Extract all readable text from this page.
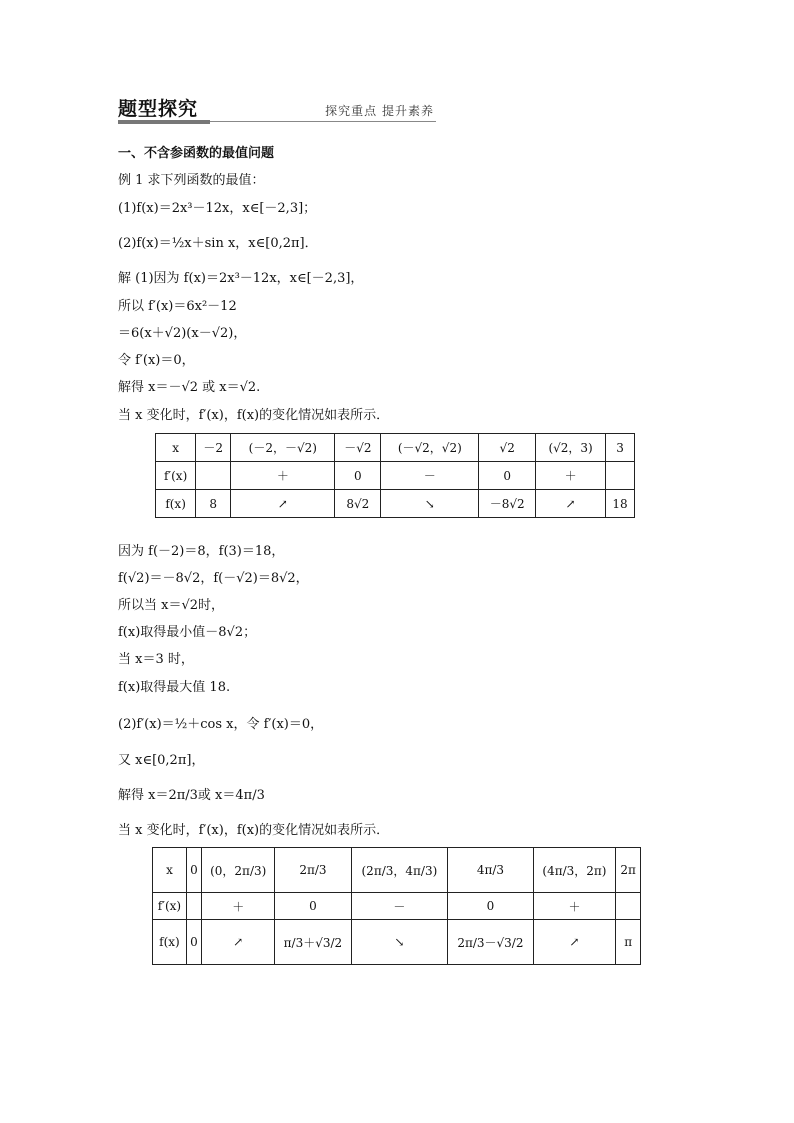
题型探究	探究重点 提升素养
一、不含参函数的最值问题
例 1 求下列函数的最值：
(1)f(x)＝2x³－12x，x∈[－2,3]；
(2)f(x)＝½x＋sin x，x∈[0,2π]．
解 (1)因为 f(x)＝2x³－12x，x∈[－2,3]，
所以 f′(x)＝6x²－12
＝6(x＋√2)(x－√2)，
令 f′(x)＝0，
解得 x＝－√2 或 x＝√2.
当 x 变化时，f′(x)，f(x)的变化情况如表所示．
x	－2	(－2，－√2)	－√2	(－√2，√2)	√2	(√2，3)	3
f′(x)		＋	0	－	0	＋	
f(x)	8	↗	8√2	↘	－8√2	↗	18
因为 f(－2)＝8，f(3)＝18，
f(√2)＝－8√2，f(－√2)＝8√2，
所以当 x＝√2时，
f(x)取得最小值－8√2；
当 x＝3 时，
f(x)取得最大值 18.
(2)f′(x)＝½＋cos x，令 f′(x)＝0，
又 x∈[0,2π]，
解得 x＝2π/3或 x＝4π/3
当 x 变化时，f′(x)，f(x)的变化情况如表所示．
x	0	(0，2π/3)	2π/3	(2π/3，4π/3)	4π/3	(4π/3，2π)	2π
f′(x)		＋	0	－	0	＋	
f(x)	0	↗	π/3＋√3/2	↘	2π/3－√3/2	↗	π
